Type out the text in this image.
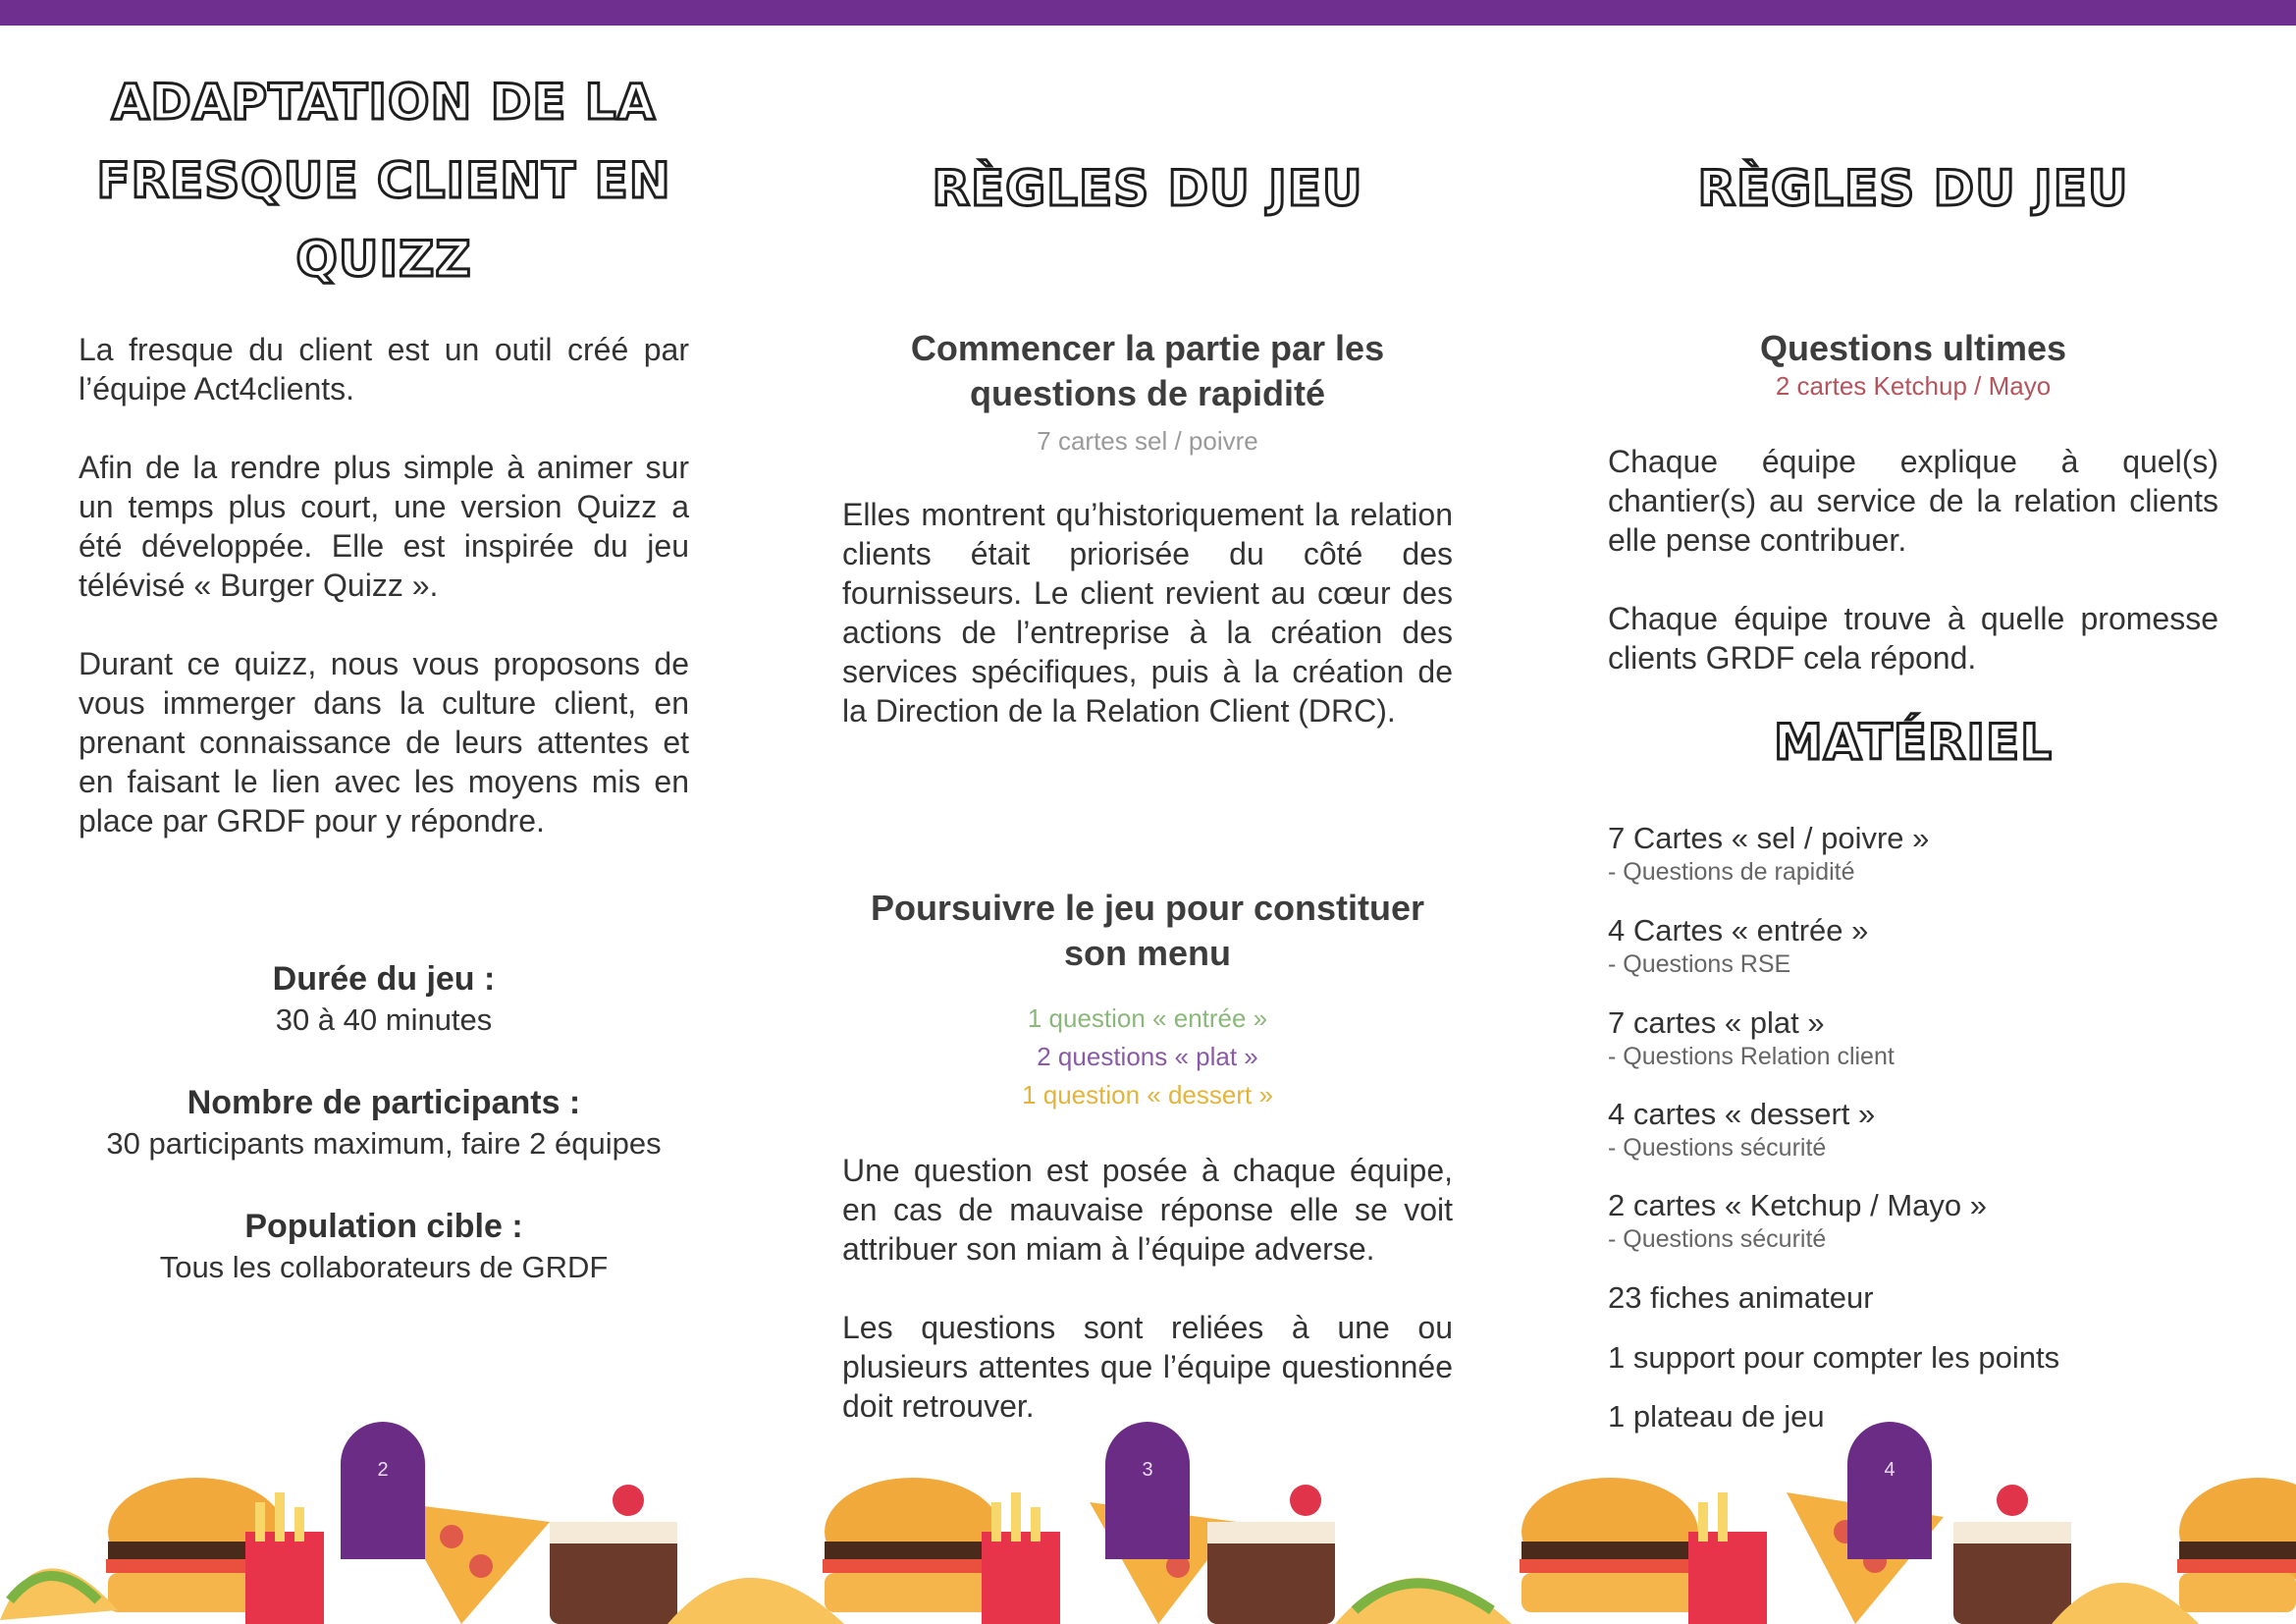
ADAPTATION DE LA

FRESQUE CLIENT EN

QUIZZ

La fresque du client est un outil créé par l’équipe Act4clients.

Afin de la rendre plus simple à animer sur un temps plus court, une version Quizz a été développée. Elle est inspirée du jeu télévisé « Burger Quizz ».

Durant ce quizz, nous vous proposons de vous immerger dans la culture client, en prenant connaissance de leurs attentes et en faisant le lien avec les moyens mis en place par GRDF pour y répondre.

Durée du jeu :

30 à 40 minutes

Nombre de participants :

30 participants maximum, faire 2 équipes

Population cible :

Tous les collaborateurs de GRDF

RÈGLES DU JEU

Commencer la partie par les questions de rapidité

7 cartes sel / poivre

Elles montrent qu’historiquement la relation clients était priorisée du côté des fournisseurs. Le client revient au cœur des actions de l’entreprise à la création des services spécifiques, puis à la création de la Direction de la Relation Client (DRC).

Poursuivre le jeu pour constituer son menu

1 question « entrée »

2 questions « plat »

1 question « dessert »

Une question est posée à chaque équipe, en cas de mauvaise réponse elle se voit attribuer son miam à l’équipe adverse.

Les questions sont reliées à une ou plusieurs attentes que l’équipe questionnée doit retrouver.

RÈGLES DU JEU

Questions ultimes

2 cartes Ketchup / Mayo

Chaque équipe explique à quel(s) chantier(s) au service de la relation clients elle pense contribuer.

Chaque équipe trouve à quelle promesse clients GRDF cela répond.

MATÉRIEL

7 Cartes « sel / poivre »
- Questions de rapidité
4 Cartes « entrée »
- Questions RSE
7 cartes « plat »
- Questions Relation client
4 cartes « dessert »
- Questions sécurité
2 cartes « Ketchup / Mayo »
- Questions sécurité
23 fiches animateur
1 support pour compter les points
1 plateau de jeu
2	3	4
